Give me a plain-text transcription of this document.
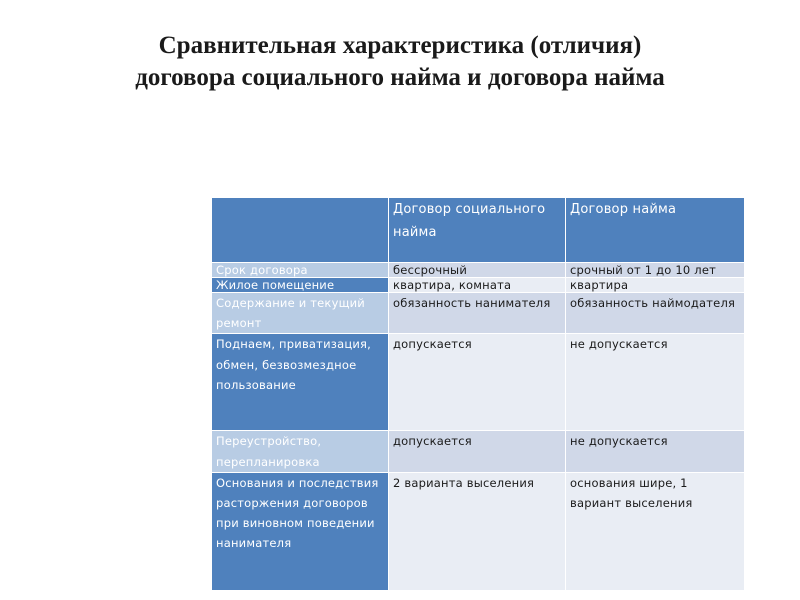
Сравнительная характеристика (отличия)
договора социального найма и договора найма
	Договор социального найма	Договор найма
Срок договора	бессрочный	срочный от 1 до 10 лет
Жилое помещение	квартира, комната	квартира
Содержание и текущий ремонт	обязанность нанимателя	обязанность наймодателя
Поднаем, приватизация, обмен, безвозмездное пользование	допускается	не допускается
Переустройство, перепланировка	допускается	не допускается
Основания и последствия расторжения договоров при виновном поведении нанимателя	2 варианта выселения	основания шире, 1 вариант выселения
